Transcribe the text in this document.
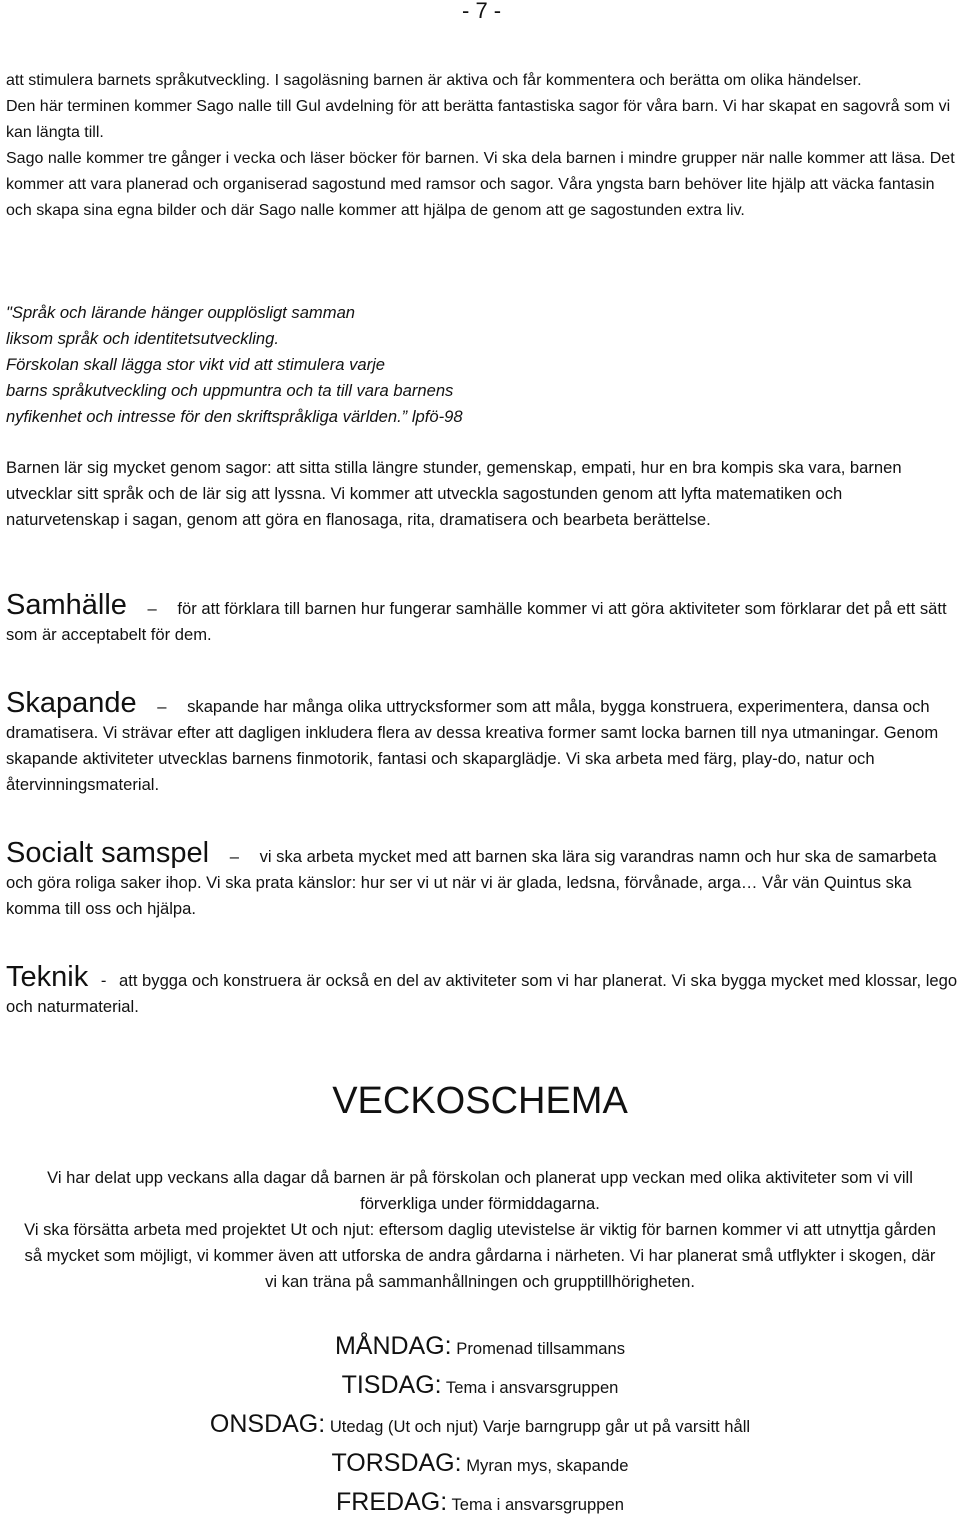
- 7 -

att stimulera barnets språkutveckling. I sagoläsning barnen är aktiva och får kommentera och berätta om olika händelser.

Den här terminen kommer Sago nalle till Gul avdelning för att berätta fantastiska sagor för våra barn. Vi har skapat en sagovrå som vi kan längta till.

Sago nalle kommer tre gånger i vecka och läser böcker för barnen. Vi ska dela barnen i mindre grupper när nalle kommer att läsa. Det kommer att vara planerad och organiserad sagostund med ramsor och sagor. Våra yngsta barn behöver lite hjälp att väcka fantasin och skapa sina egna bilder och där Sago nalle kommer att hjälpa de genom att ge sagostunden extra liv.

"Språk och lärande hänger oupplösligt samman

liksom språk och identitetsutveckling.

Förskolan skall lägga stor vikt vid att stimulera varje

barns språkutveckling och uppmuntra och ta till vara barnens

nyfikenhet och intresse för den skriftspråkliga världen.” lpfö-98

Barnen lär sig mycket genom sagor: att sitta stilla längre stunder, gemenskap, empati, hur en bra kompis ska vara, barnen utvecklar sitt språk och de lär sig att lyssna. Vi kommer att utveckla sagostunden genom att lyfta matematiken och naturvetenskap i sagan, genom att göra en flanosaga, rita, dramatisera och bearbeta berättelse.

Samhälle – för att förklara till barnen hur fungerar samhälle kommer vi att göra aktiviteter som förklarar det på ett sätt som är acceptabelt för dem.

Skapande – skapande har många olika uttrycksformer som att måla, bygga konstruera, experimentera, dansa och dramatisera. Vi strävar efter att dagligen inkludera flera av dessa kreativa former samt locka barnen till nya utmaningar. Genom skapande aktiviteter utvecklas barnens finmotorik, fantasi och skaparglädje. Vi ska arbeta med färg, play-do, natur och återvinningsmaterial.

Socialt samspel – vi ska arbeta mycket med att barnen ska lära sig varandras namn och hur ska de samarbeta och göra roliga saker ihop. Vi ska prata känslor: hur ser vi ut när vi är glada, ledsna, förvånade, arga… Vår vän Quintus ska komma till oss och hjälpa.

Teknik - att bygga och konstruera är också en del av aktiviteter som vi har planerat. Vi ska bygga mycket med klossar, lego och naturmaterial.

VECKOSCHEMA

Vi har delat upp veckans alla dagar då barnen är på förskolan och planerat upp veckan med olika aktiviteter som vi vill förverkliga under förmiddagarna.

Vi ska försätta arbeta med projektet Ut och njut: eftersom daglig utevistelse är viktig för barnen kommer vi att utnyttja gården så mycket som möjligt, vi kommer även att utforska de andra gårdarna i närheten. Vi har planerat små utflykter i skogen, där vi kan träna på sammanhållningen och grupptillhörigheten.

MÅNDAG: Promenad tillsammans
TISDAG: Tema i ansvarsgruppen
ONSDAG: Utedag (Ut och njut) Varje barngrupp går ut på varsitt håll
TORSDAG: Myran mys, skapande
FREDAG: Tema i ansvarsgruppen
